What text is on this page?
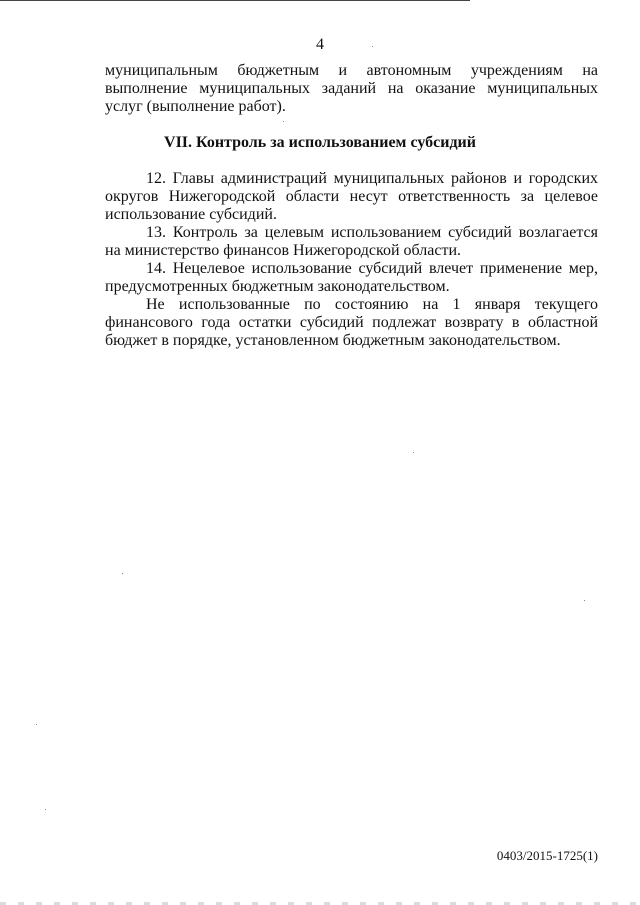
4

муниципальным бюджетным и автономным учреждениям на выполнение муниципальных заданий на оказание муниципальных услуг (выполнение работ).

VII. Контроль за использованием субсидий

12. Главы администраций муниципальных районов и городских округов Нижегородской области несут ответственность за целевое использование субсидий.

13. Контроль за целевым использованием субсидий возлагается на министерство финансов Нижегородской области.

14. Нецелевое использование субсидий влечет применение мер, предусмотренных бюджетным законодательством.

Не использованные по состоянию на 1 января текущего финансового года остатки субсидий подлежат возврату в областной бюджет в порядке, установленном бюджетным законодательством.

0403/2015-1725(1)
